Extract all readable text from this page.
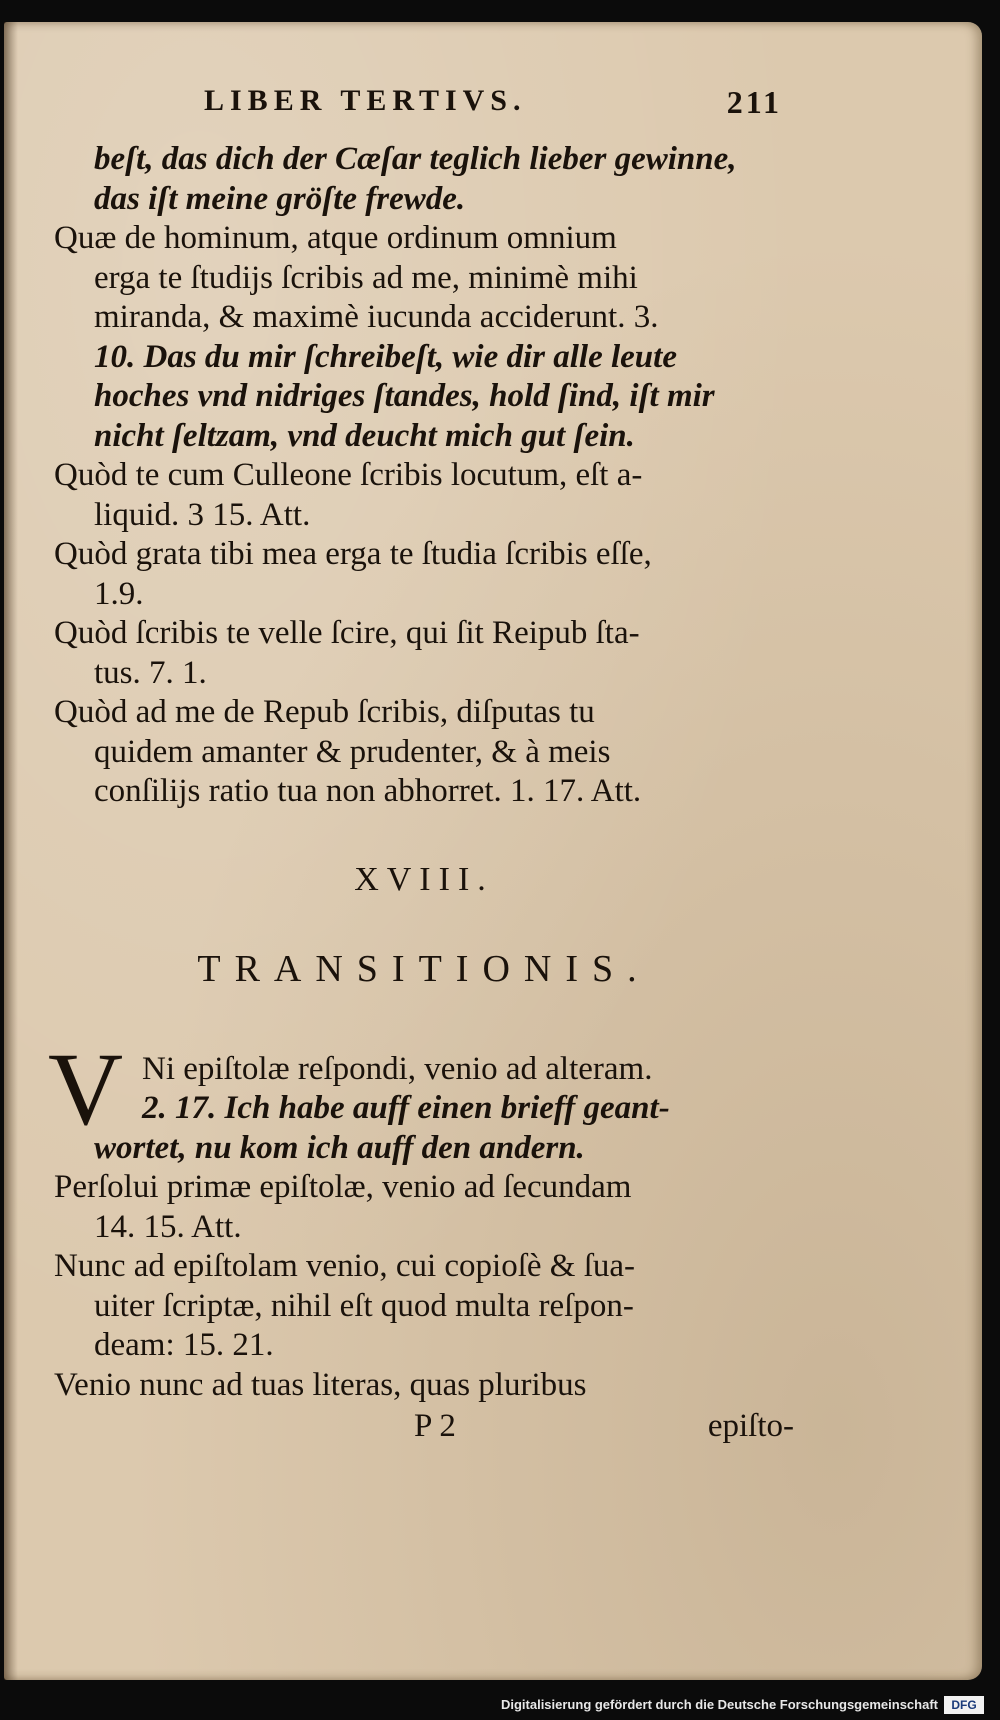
LIBER TERTIVS.	211
beſt, das dich der Cæſar teglich lieber gewinne,
das iſt meine gröſte frewde.
Quæ de hominum, atque ordinum omnium
erga te ſtudijs ſcribis ad me, minimè mihi
miranda, & maximè iucunda acciderunt. 3.
10. Das du mir ſchreibeſt, wie dir alle leute
hoches vnd nidriges ſtandes, hold ſind, iſt mir
nicht ſeltzam, vnd deucht mich gut ſein.
Quòd te cum Culleone ſcribis locutum, eſt a-
liquid. 3 15. Att.
Quòd grata tibi mea erga te ſtudia ſcribis eſſe,
1.9.
Quòd ſcribis te velle ſcire, qui ſit Reipub ſta-
tus. 7. 1.
Quòd ad me de Repub ſcribis, diſputas tu
quidem amanter & prudenter, & à meis
conſilijs ratio tua non abhorret. 1. 17. Att.
XVIII.
TRANSITIONIS.
V Ni epiſtolæ reſpondi, venio ad alteram.
2. 17. Ich habe auff einen brieff geant-
wortet, nu kom ich auff den andern.
Perſolui primæ epiſtolæ, venio ad ſecundam
14. 15. Att.
Nunc ad epiſtolam venio, cui copioſè & ſua-
uiter ſcriptæ, nihil eſt quod multa reſpon-
deam: 15. 21.
Venio nunc ad tuas literas, quas pluribus
P 2	epiſto-
Digitalisierung gefördert durch die Deutsche Forschungsgemeinschaft	DFG
